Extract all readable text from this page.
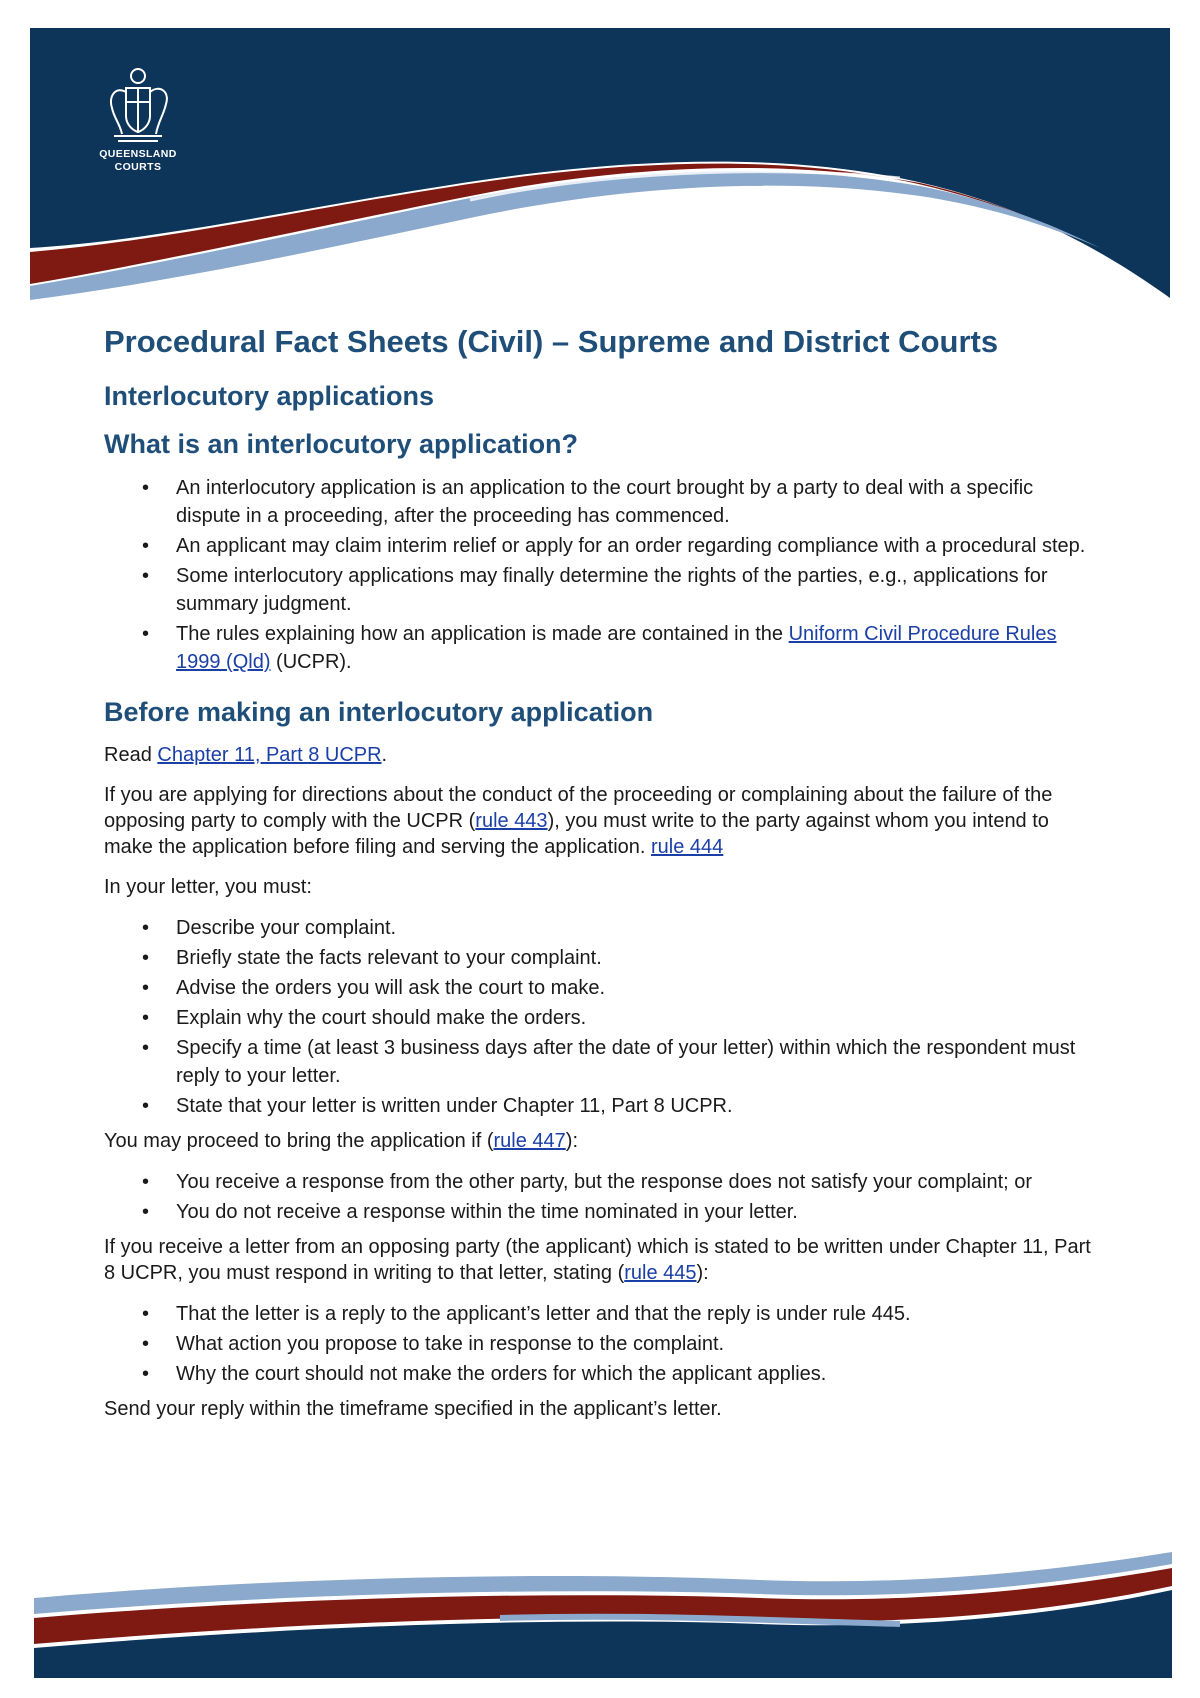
QUEENSLAND
COURTS
Procedural Fact Sheets (Civil) – Supreme and District Courts
Interlocutory applications
What is an interlocutory application?
• An interlocutory application is an application to the court brought by a party to deal with a specific dispute in a proceeding, after the proceeding has commenced.
• An applicant may claim interim relief or apply for an order regarding compliance with a procedural step.
• Some interlocutory applications may finally determine the rights of the parties, e.g., applications for summary judgment.
• The rules explaining how an application is made are contained in the Uniform Civil Procedure Rules 1999 (Qld) (UCPR).
Before making an interlocutory application

Read Chapter 11, Part 8 UCPR.

If you are applying for directions about the conduct of the proceeding or complaining about the failure of the opposing party to comply with the UCPR (rule 443), you must write to the party against whom you intend to make the application before filing and serving the application. rule 444

In your letter, you must:

• Describe your complaint.
• Briefly state the facts relevant to your complaint.
• Advise the orders you will ask the court to make.
• Explain why the court should make the orders.
• Specify a time (at least 3 business days after the date of your letter) within which the respondent must reply to your letter.
• State that your letter is written under Chapter 11, Part 8 UCPR.

You may proceed to bring the application if (rule 447):

• You receive a response from the other party, but the response does not satisfy your complaint; or
• You do not receive a response within the time nominated in your letter.

If you receive a letter from an opposing party (the applicant) which is stated to be written under Chapter 11, Part 8 UCPR, you must respond in writing to that letter, stating (rule 445):

• That the letter is a reply to the applicant’s letter and that the reply is under rule 445.
• What action you propose to take in response to the complaint.
• Why the court should not make the orders for which the applicant applies.

Send your reply within the timeframe specified in the applicant’s letter.
